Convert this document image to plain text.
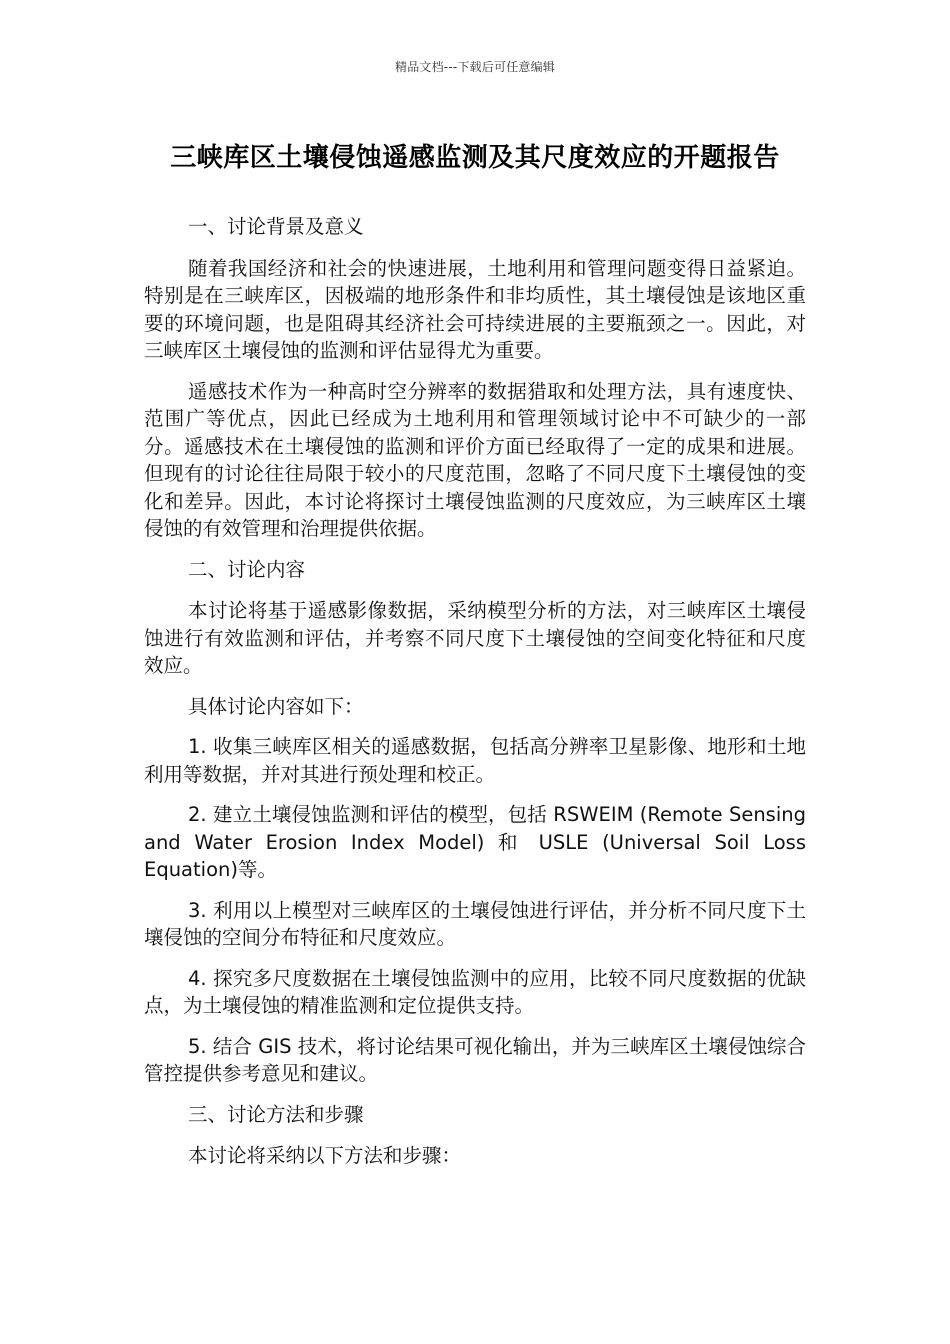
精品文档---下载后可任意编辑
三峡库区土壤侵蚀遥感监测及其尺度效应的开题报告

一、讨论背景及意义

随着我国经济和社会的快速进展，土地利用和管理问题变得日益紧迫。特别是在三峡库区，因极端的地形条件和非均质性，其土壤侵蚀是该地区重要的环境问题，也是阻碍其经济社会可持续进展的主要瓶颈之一。因此，对三峡库区土壤侵蚀的监测和评估显得尤为重要。

遥感技术作为一种高时空分辨率的数据猎取和处理方法，具有速度快、范围广等优点，因此已经成为土地利用和管理领域讨论中不可缺少的一部分。遥感技术在土壤侵蚀的监测和评价方面已经取得了一定的成果和进展。但现有的讨论往往局限于较小的尺度范围，忽略了不同尺度下土壤侵蚀的变化和差异。因此，本讨论将探讨土壤侵蚀监测的尺度效应，为三峡库区土壤侵蚀的有效管理和治理提供依据。

二、讨论内容

本讨论将基于遥感影像数据，采纳模型分析的方法，对三峡库区土壤侵蚀进行有效监测和评估，并考察不同尺度下土壤侵蚀的空间变化特征和尺度效应。

具体讨论内容如下：

1. 收集三峡库区相关的遥感数据，包括高分辨率卫星影像、地形和土地利用等数据，并对其进行预处理和校正。

2. 建立土壤侵蚀监测和评估的模型，包括 RSWEIM (Remote Sensing and Water Erosion Index Model) 和 USLE (Universal Soil Loss Equation)等。

3. 利用以上模型对三峡库区的土壤侵蚀进行评估，并分析不同尺度下土壤侵蚀的空间分布特征和尺度效应。

4. 探究多尺度数据在土壤侵蚀监测中的应用，比较不同尺度数据的优缺点，为土壤侵蚀的精准监测和定位提供支持。

5. 结合 GIS 技术，将讨论结果可视化输出，并为三峡库区土壤侵蚀综合管控提供参考意见和建议。

三、讨论方法和步骤

本讨论将采纳以下方法和步骤：
